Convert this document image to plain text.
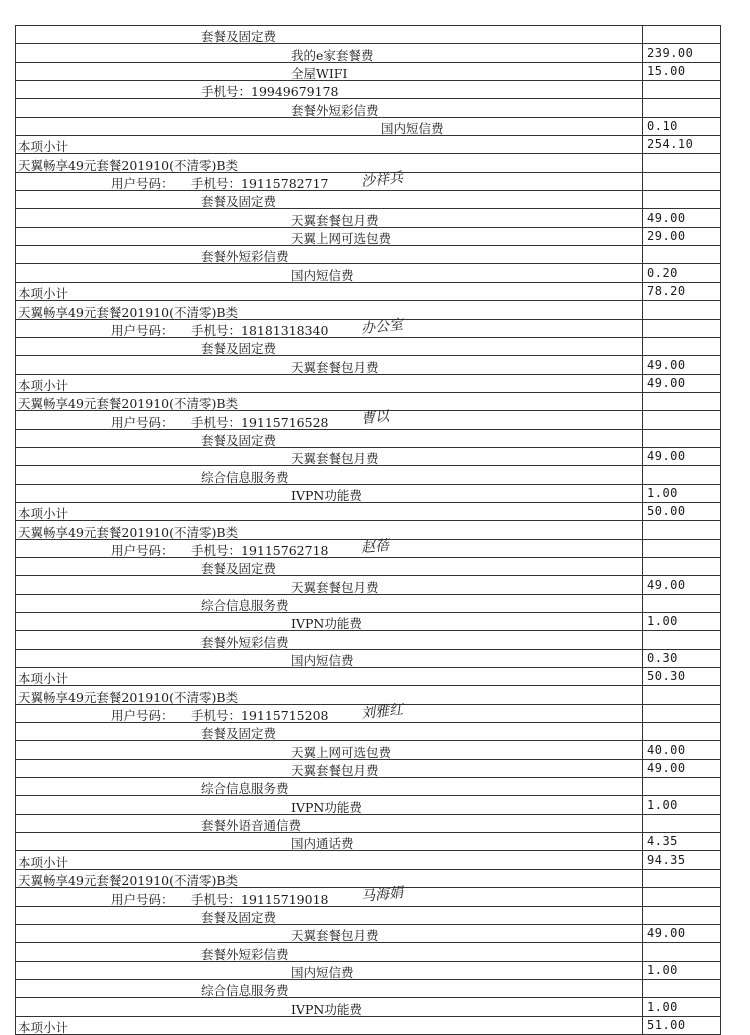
套餐及固定费
我的e家套餐费	239.00
全屋WIFI	15.00
手机号：19949679178
套餐外短彩信费
国内短信费	0.10
本项小计	254.10
天翼畅享49元套餐201910(不清零)B类
用户号码： 手机号：19115782717 沙祥兵
套餐及固定费
天翼套餐包月费	49.00
天翼上网可选包费	29.00
套餐外短彩信费
国内短信费	0.20
本项小计	78.20
天翼畅享49元套餐201910(不清零)B类
用户号码： 手机号：18181318340 办公室
套餐及固定费
天翼套餐包月费	49.00
本项小计	49.00
天翼畅享49元套餐201910(不清零)B类
用户号码： 手机号：19115716528 曹以
套餐及固定费
天翼套餐包月费	49.00
综合信息服务费
IVPN功能费	1.00
本项小计	50.00
天翼畅享49元套餐201910(不清零)B类
用户号码： 手机号：19115762718 赵蓓
套餐及固定费
天翼套餐包月费	49.00
综合信息服务费
IVPN功能费	1.00
套餐外短彩信费
国内短信费	0.30
本项小计	50.30
天翼畅享49元套餐201910(不清零)B类
用户号码： 手机号：19115715208 刘雅红
套餐及固定费
天翼上网可选包费	40.00
天翼套餐包月费	49.00
综合信息服务费
IVPN功能费	1.00
套餐外语音通信费
国内通话费	4.35
本项小计	94.35
天翼畅享49元套餐201910(不清零)B类
用户号码： 手机号：19115719018 马海娟
套餐及固定费
天翼套餐包月费	49.00
套餐外短彩信费
国内短信费	1.00
综合信息服务费
IVPN功能费	1.00
本项小计	51.00
